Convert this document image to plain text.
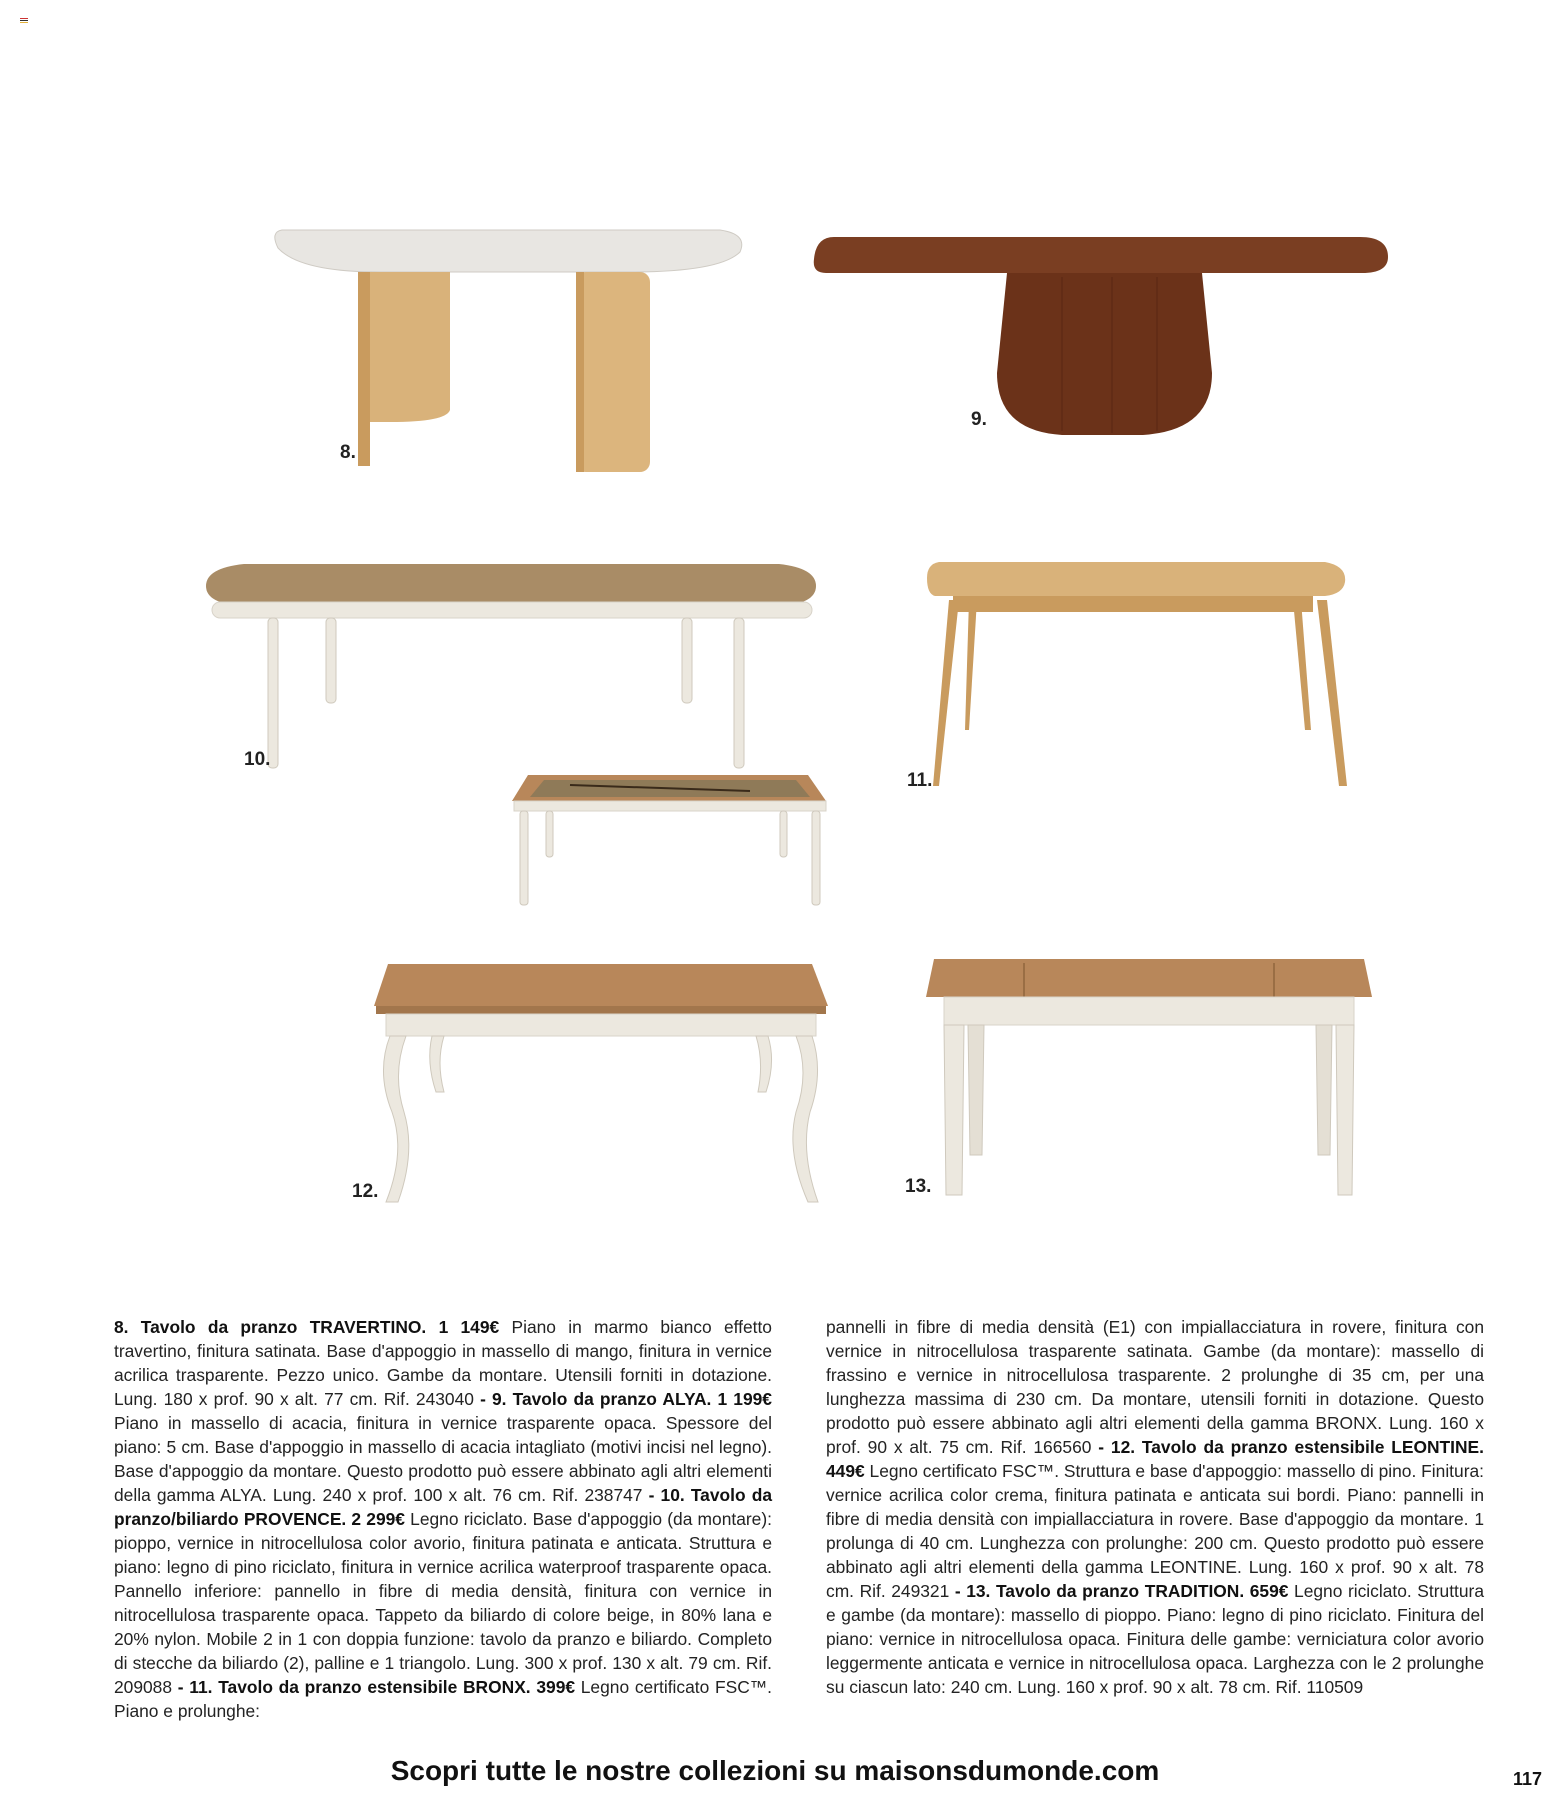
8.
9.
10.
11.
12.	13.
8. Tavolo da pranzo TRAVERTINO. 1 149€ Piano in marmo bianco effetto travertino, finitura satinata. Base d'appoggio in massello di mango, finitura in vernice acrilica trasparente. Pezzo unico. Gambe da montare. Utensili forniti in dotazione. Lung. 180 x prof. 90 x alt. 77 cm. Rif. 243040 - 9. Tavolo da pranzo ALYA. 1 199€ Piano in massello di acacia, finitura in vernice trasparente opaca. Spessore del piano: 5 cm. Base d'appoggio in massello di acacia intagliato (motivi incisi nel legno). Base d'appoggio da montare. Questo prodotto può essere abbinato agli altri elementi della gamma ALYA. Lung. 240 x prof. 100 x alt. 76 cm. Rif. 238747 - 10. Tavolo da pranzo/biliardo PROVENCE. 2 299€ Legno riciclato. Base d'appoggio (da montare): pioppo, vernice in nitrocellulosa color avorio, finitura patinata e anticata. Struttura e piano: legno di pino riciclato, finitura in vernice acrilica waterproof trasparente opaca. Pannello inferiore: pannello in fibre di media densità, finitura con vernice in nitrocellulosa trasparente opaca. Tappeto da biliardo di colore beige, in 80% lana e 20% nylon. Mobile 2 in 1 con doppia funzione: tavolo da pranzo e biliardo. Completo di stecche da biliardo (2), palline e 1 triangolo. Lung. 300 x prof. 130 x alt. 79 cm. Rif. 209088 - 11. Tavolo da pranzo estensibile BRONX. 399€ Legno certificato FSC™. Piano e prolunghe:
pannelli in fibre di media densità (E1) con impiallacciatura in rovere, finitura con vernice in nitrocellulosa trasparente satinata. Gambe (da montare): massello di frassino e vernice in nitrocellulosa trasparente. 2 prolunghe di 35 cm, per una lunghezza massima di 230 cm. Da montare, utensili forniti in dotazione. Questo prodotto può essere abbinato agli altri elementi della gamma BRONX. Lung. 160 x prof. 90 x alt. 75 cm. Rif. 166560 - 12. Tavolo da pranzo estensibile LEONTINE. 449€ Legno certificato FSC™. Struttura e base d'appoggio: massello di pino. Finitura: vernice acrilica color crema, finitura patinata e anticata sui bordi. Piano: pannelli in fibre di media densità con impiallacciatura in rovere. Base d'appoggio da montare. 1 prolunga di 40 cm. Lunghezza con prolunghe: 200 cm. Questo prodotto può essere abbinato agli altri elementi della gamma LEONTINE. Lung. 160 x prof. 90 x alt. 78 cm. Rif. 249321 - 13. Tavolo da pranzo TRADITION. 659€ Legno riciclato. Struttura e gambe (da montare): massello di pioppo. Piano: legno di pino riciclato. Finitura del piano: vernice in nitrocellulosa opaca. Finitura delle gambe: verniciatura color avorio leggermente anticata e vernice in nitrocellulosa opaca. Larghezza con le 2 prolunghe su ciascun lato: 240 cm. Lung. 160 x prof. 90 x alt. 78 cm. Rif. 110509
Scopri tutte le nostre collezioni su maisonsdumonde.com	117
